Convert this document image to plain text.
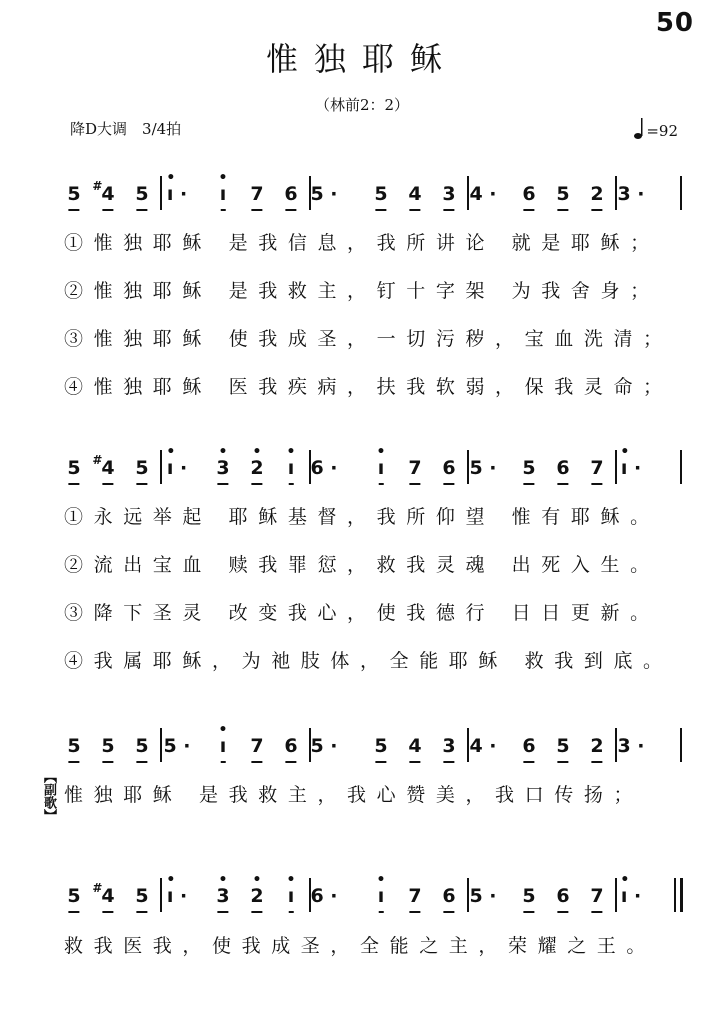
50
惟独耶稣
（林前2：2）
降D大调　3/4拍	=92
5 #
4 5 ı ·
•
ı
•
7 6 5 · 5 4 3 4 · 6 5 2 3 ·
①惟独耶稣 是我信息，我所讲论 就是耶稣；
②惟独耶稣 是我救主，钉十字架 为我舍身；
③惟独耶稣 使我成圣，一切污秽，宝血洗清；
④惟独耶稣 医我疾病，扶我软弱，保我灵命；
5 #
4 5 ı ·
•
3
•
2
•
ı
•
6 · ı
•
7 6 5 · 5 6 7 ı ·
•
①永远举起 耶稣基督，我所仰望 惟有耶稣。
②流出宝血 赎我罪愆，救我灵魂 出死入生。
③降下圣灵 改变我心，使我德行 日日更新。
④我属耶稣，为祂肢体，全能耶稣 救我到底。
5 5 5 5 · ı
•
7 6 5 · 5 4 3 4 · 6 5 2 3 ·
惟独耶稣 是我救主，我心赞美，我口传扬；
【副歌】
5 #
4 5 ı ·
•
3
•
2
•
ı
•
6 · ı
•
7 6 5 · 5 6 7 ı ·
•
救我医我，使我成圣，全能之主，荣耀之王。
